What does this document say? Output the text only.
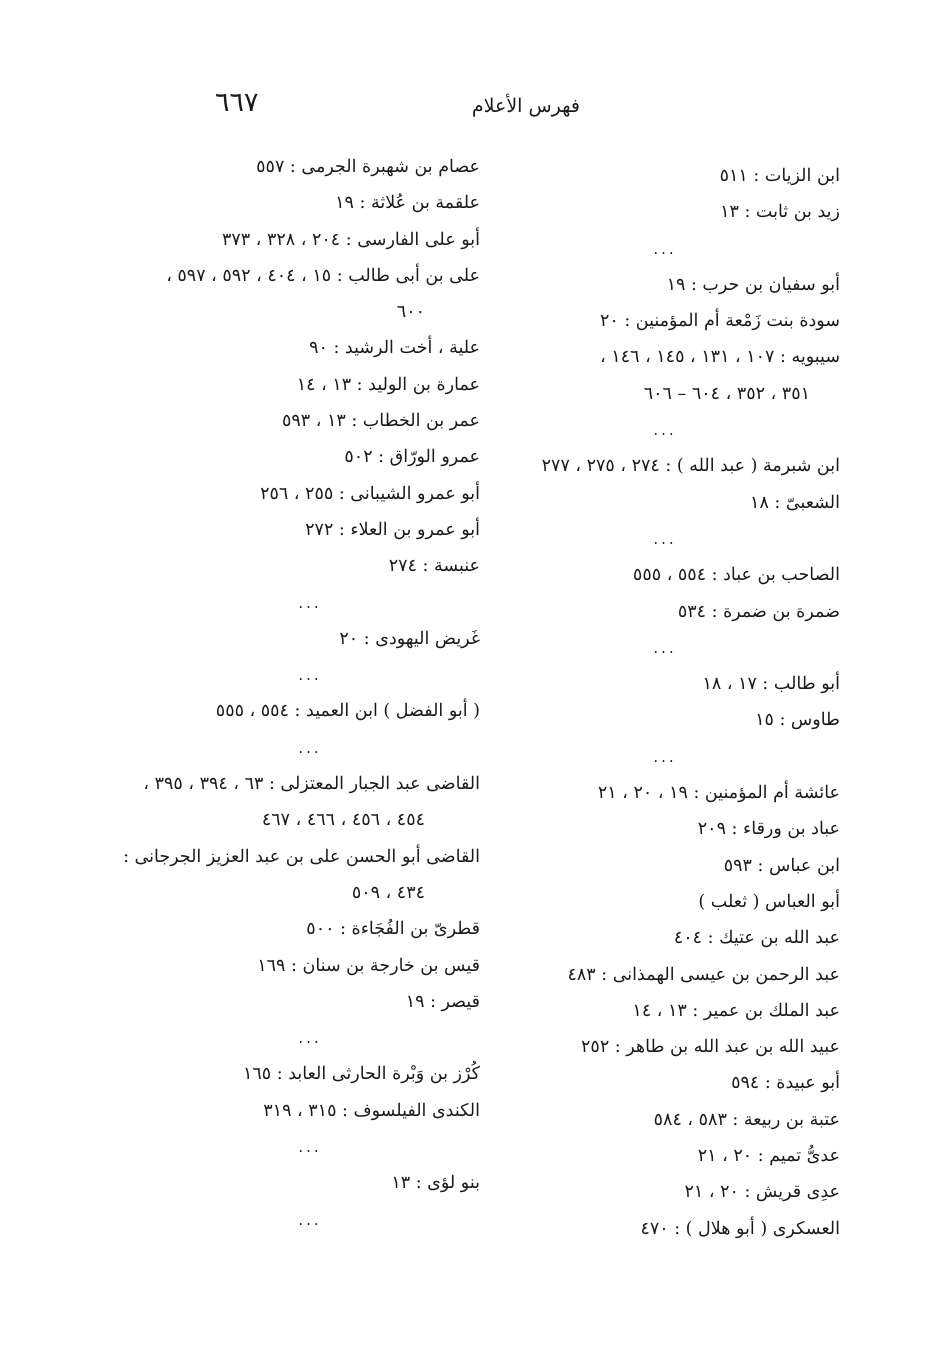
فهرس الأعلام
٦٦٧
ابن الزيات : ٥١١
زيد بن ثابت : ١٣
...
أبو سفيان بن حرب : ١٩
سودة بنت زَمْعة أم المؤمنين : ٢٠
سيبويه : ١٠٧ ، ١٣١ ، ١٤٥ ، ١٤٦ ،
٣٥١ ، ٣٥٢ ، ٦٠٤ – ٦٠٦
...
ابن شبرمة ( عبد الله ) : ٢٧٤ ، ٢٧٥ ، ٢٧٧
الشعبىّ : ١٨
...
الصاحب بن عباد : ٥٥٤ ، ٥٥٥
ضمرة بن ضمرة : ٥٣٤
...
أبو طالب : ١٧ ، ١٨
طاوس : ١٥
...
عائشة أم المؤمنين : ١٩ ، ٢٠ ، ٢١
عباد بن ورقاء : ٢٠٩
ابن عباس : ٥٩٣
أبو العباس ( ثعلب )
عبد الله بن عتيك : ٤٠٤
عبد الرحمن بن عيسى الهمذانى : ٤٨٣
عبد الملك بن عمير : ١٣ ، ١٤
عبيد الله بن عبد الله بن طاهر : ٢٥٢
أبو عبيدة : ٥٩٤
عتبة بن ربيعة : ٥٨٣ ، ٥٨٤
عدىُّ تميم : ٢٠ ، ٢١
عدِى قريش : ٢٠ ، ٢١
العسكرى ( أبو هلال ) : ٤٧٠
عصام بن شهبرة الجرمى : ٥٥٧
علقمة بن عُلاثة : ١٩
أبو على الفارسى : ٢٠٤ ، ٣٢٨ ، ٣٧٣
على بن أبى طالب : ١٥ ، ٤٠٤ ، ٥٩٢ ، ٥٩٧ ،
٦٠٠
علية ، أخت الرشيد : ٩٠
عمارة بن الوليد : ١٣ ، ١٤
عمر بن الخطاب : ١٣ ، ٥٩٣
عمرو الورّاق : ٥٠٢
أبو عمرو الشيبانى : ٢٥٥ ، ٢٥٦
أبو عمرو بن العلاء : ٢٧٢
عنبسة : ٢٧٤
...
غَريض اليهودى : ٢٠
...
( أبو الفضل ) ابن العميد : ٥٥٤ ، ٥٥٥
...
القاضى عبد الجبار المعتزلى : ٦٣ ، ٣٩٤ ، ٣٩٥ ،
٤٥٤ ، ٤٥٦ ، ٤٦٦ ، ٤٦٧
القاضى أبو الحسن على بن عبد العزيز الجرجانى :
٤٣٤ ، ٥٠٩
قطرىّ بن الفُجَاءة : ٥٠٠
قيس بن خارجة بن سنان : ١٦٩
قيصر : ١٩
...
كُرْز بن وَبْرة الحارثى العابد : ١٦٥
الكندى الفيلسوف : ٣١٥ ، ٣١٩
...
بنو لؤى : ١٣
...
